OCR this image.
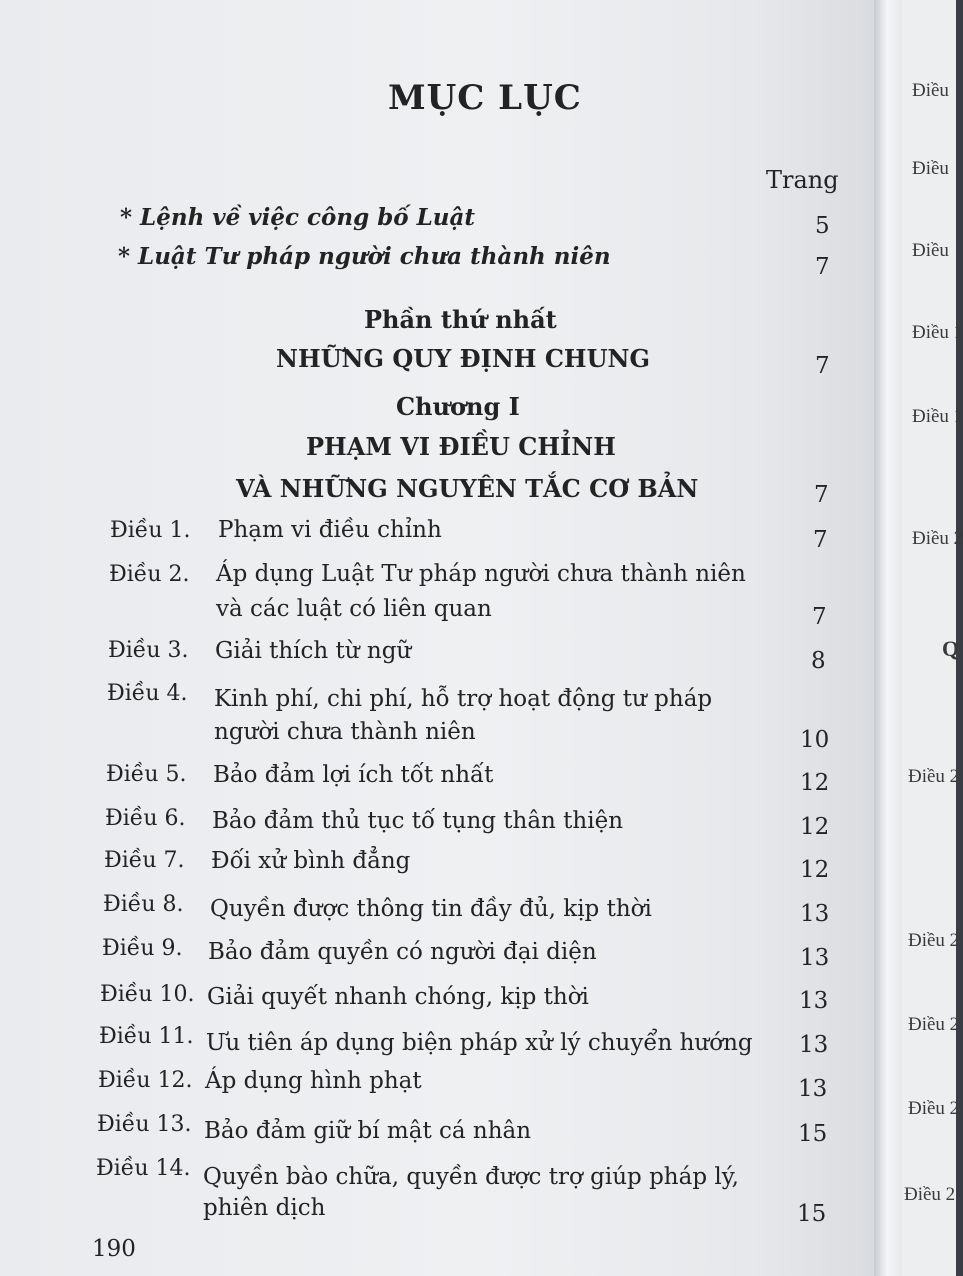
MỤC LỤC
Trang
* Lệnh về việc công bố Luật	5
* Luật Tư pháp người chưa thành niên	7
Phần thứ nhất
NHỮNG QUY ĐỊNH CHUNG	7
Chương I
PHẠM VI ĐIỀU CHỈNH
VÀ NHỮNG NGUYÊN TẮC CƠ BẢN	7
Điều 1. Phạm vi điều chỉnh	7
Điều 2. Áp dụng Luật Tư pháp người chưa thành niên
và các luật có liên quan	7
Điều 3. Giải thích từ ngữ	8
Điều 4. Kinh phí, chi phí, hỗ trợ hoạt động tư pháp
người chưa thành niên	10
Điều 5. Bảo đảm lợi ích tốt nhất	12
Điều 6. Bảo đảm thủ tục tố tụng thân thiện	12
Điều 7. Đối xử bình đẳng	12
Điều 8. Quyền được thông tin đầy đủ, kịp thời	13
Điều 9. Bảo đảm quyền có người đại diện	13
Điều 10. Giải quyết nhanh chóng, kịp thời	13
Điều 11. Ưu tiên áp dụng biện pháp xử lý chuyển hướng 13
Điều 12. Áp dụng hình phạt	13
Điều 13. Bảo đảm giữ bí mật cá nhân	15
Điều 14. Quyền bào chữa, quyền được trợ giúp pháp lý,
phiên dịch	15
190
Điều
Điều
Điều
Điều 1
Điều 1
Điều 2
Q
Điều 2
Điều 2
Điều 2
Điều 2
Điều 2
